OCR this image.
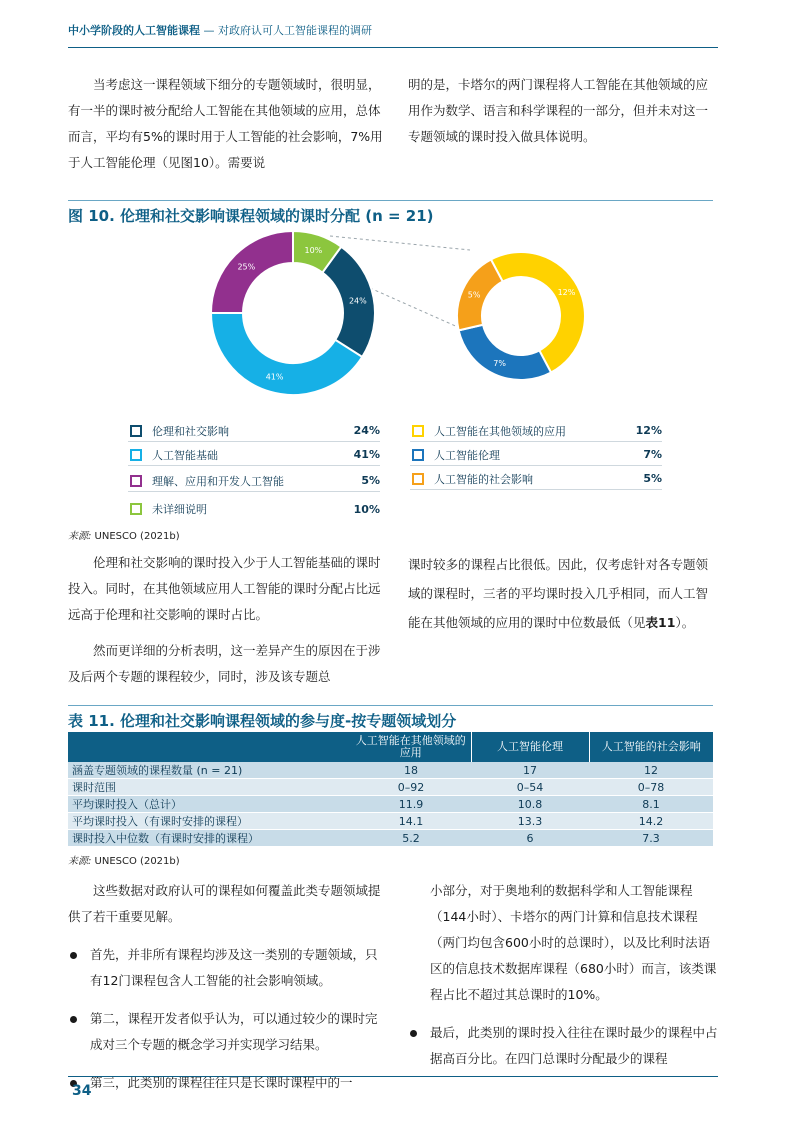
中小学阶段的人工智能课程 — 对政府认可人工智能课程的调研

当考虑这一课程领域下细分的专题领域时，很明显，有一半的课时被分配给人工智能在其他领域的应用，总体而言，平均有5%的课时用于人工智能的社会影响，7%用于人工智能伦理（见图10）。需要说

明的是，卡塔尔的两门课程将人工智能在其他领域的应用作为数学、语言和科学课程的一部分，但并未对这一专题领域的课时投入做具体说明。

图 10. 伦理和社交影响课程领域的课时分配 (n = 21)
24%
41%
25%
10%
12%
7%
5%
伦理和社交影响	24%
人工智能基础	41%
理解、应用和开发人工智能	5%
未详细说明	10%
人工智能在其他领域的应用	12%
人工智能伦理	7%
人工智能的社会影响	5%
来源: UNESCO (2021b)

伦理和社交影响的课时投入少于人工智能基础的课时投入。同时，在其他领域应用人工智能的课时分配占比远远高于伦理和社交影响的课时占比。

然而更详细的分析表明，这一差异产生的原因在于涉及后两个专题的课程较少，同时，涉及该专题总

课时较多的课程占比很低。因此，仅考虑针对各专题领域的课程时，三者的平均课时投入几乎相同，而人工智能在其他领域的应用的课时中位数最低（见表11）。

表 11. 伦理和社交影响课程领域的参与度-按专题领域划分
	人工智能在其他领域的应用	人工智能伦理	人工智能的社会影响
涵盖专题领域的课程数量 (n = 21)	18	17	12
课时范围	0–92	0–54	0–78
平均课时投入（总计）	11.9	10.8	8.1
平均课时投入（有课时安排的课程）	14.1	13.3	14.2
课时投入中位数（有课时安排的课程）	5.2	6	7.3
来源: UNESCO (2021b)

这些数据对政府认可的课程如何覆盖此类专题领域提供了若干重要见解。

首先，并非所有课程均涉及这一类别的专题领域，只有12门课程包含人工智能的社会影响领域。
第二，课程开发者似乎认为，可以通过较少的课时完成对三个专题的概念学习并实现学习结果。
第三，此类别的课程往往只是长课时课程中的一

小部分，对于奥地利的数据科学和人工智能课程（144小时）、卡塔尔的两门计算和信息技术课程（两门均包含600小时的总课时），以及比利时法语区的信息技术数据库课程（680小时）而言，该类课程占比不超过其总课时的10%。

最后，此类别的课时投入往往在课时最少的课程中占据高百分比。在四门总课时分配最少的课程
34
